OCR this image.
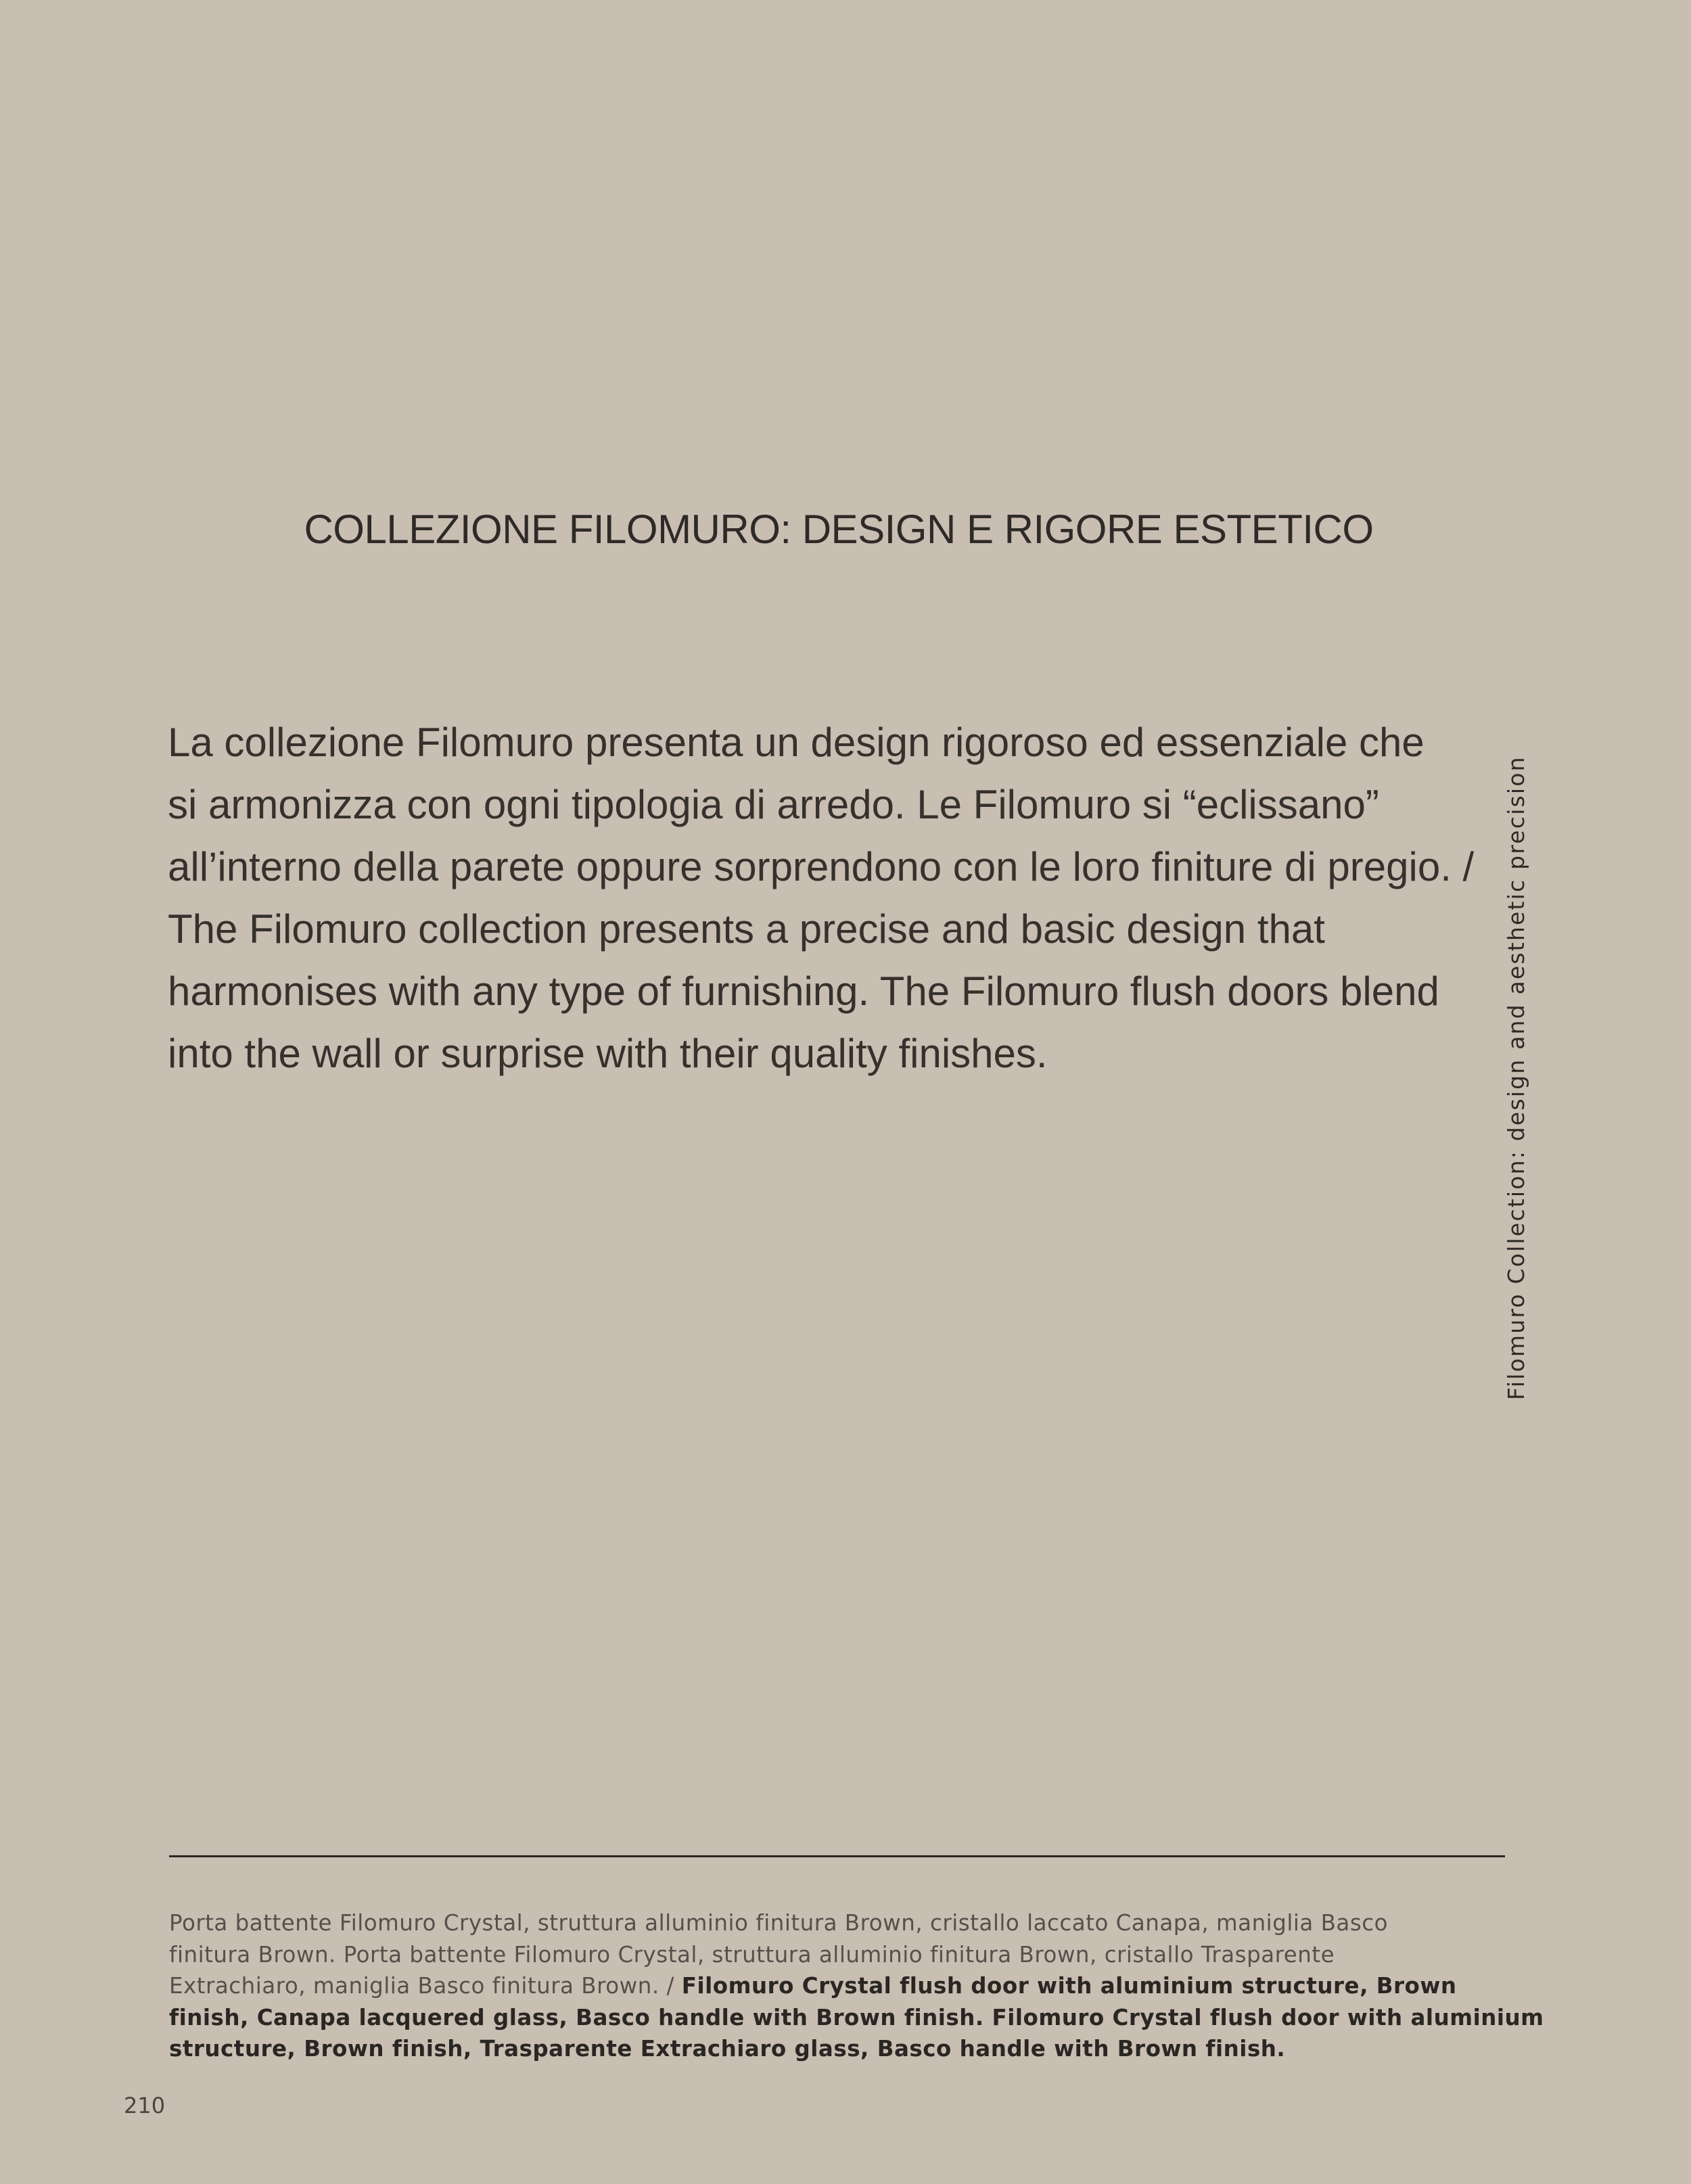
COLLEZIONE FILOMURO: DESIGN E RIGORE ESTETICO
La collezione Filomuro presenta un design rigoroso ed essenziale che
si armonizza con ogni tipologia di arredo. Le Filomuro si “eclissano”
all’interno della parete oppure sorprendono con le loro finiture di pregio. /
The Filomuro collection presents a precise and basic design that
harmonises with any type of furnishing. The Filomuro flush doors blend
into the wall or surprise with their quality finishes.	Filomuro Collection: design and aesthetic precision
Porta battente Filomuro Crystal, struttura alluminio finitura Brown, cristallo laccato Canapa, maniglia Basco
finitura Brown. Porta battente Filomuro Crystal, struttura alluminio finitura Brown, cristallo Trasparente
Extrachiaro, maniglia Basco finitura Brown. / Filomuro Crystal flush door with aluminium structure, Brown
finish, Canapa lacquered glass, Basco handle with Brown finish. Filomuro Crystal flush door with aluminium
structure, Brown finish, Trasparente Extrachiaro glass, Basco handle with Brown finish.
210
